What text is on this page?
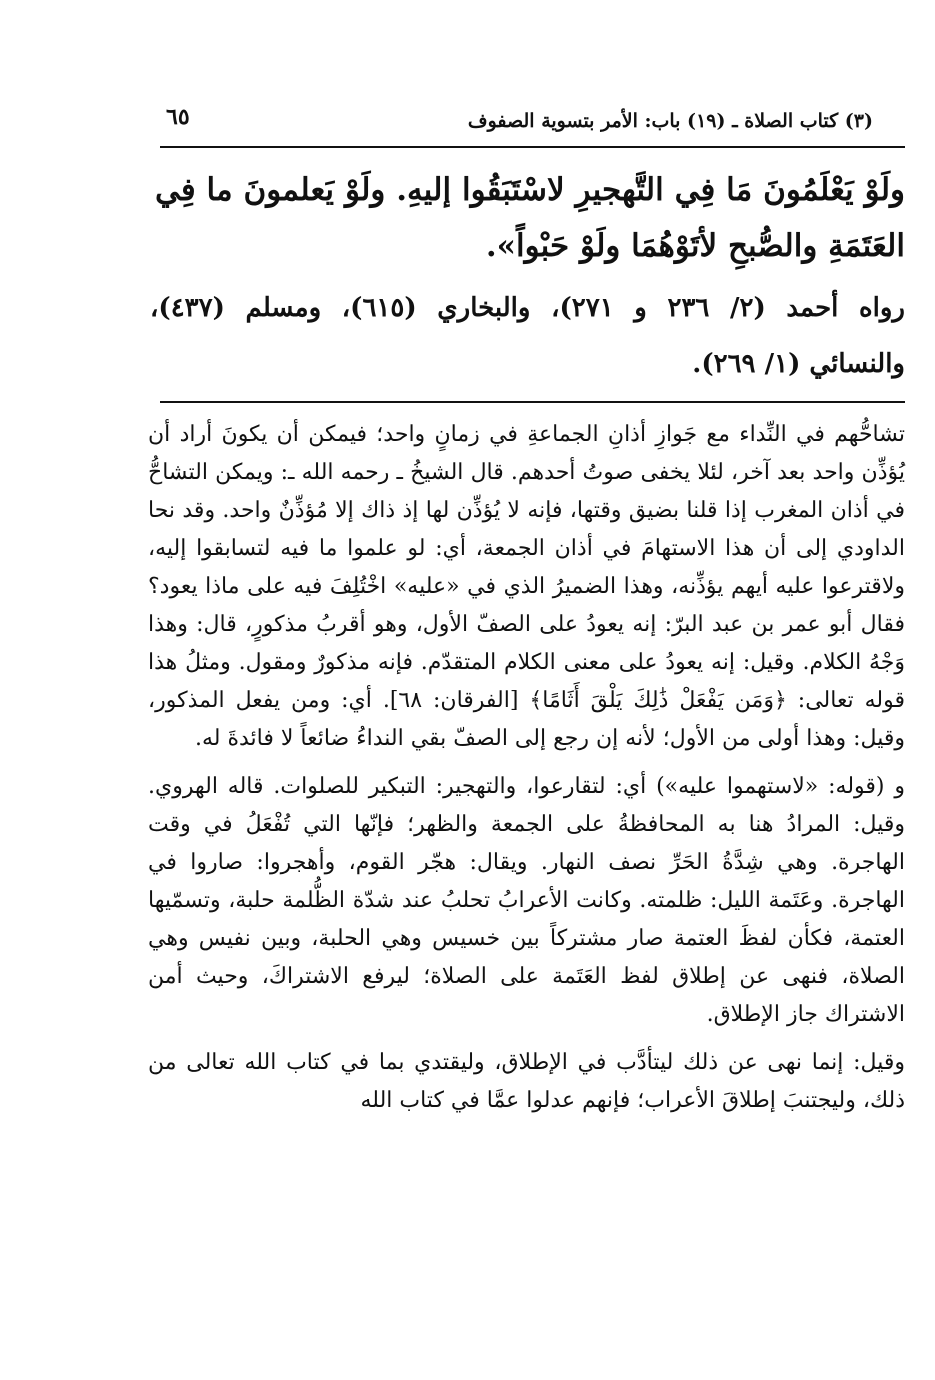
(٣) كتاب الصلاة ـ (١٩) باب: الأمر بتسوية الصفوف
٦٥

ولَوْ يَعْلَمُونَ مَا فِي التَّهجيرِ لاسْتَبَقُوا إليهِ. ولَوْ يَعلمونَ ما فِي العَتَمَةِ والصُّبحِ لأتَوْهُمَا ولَوْ حَبْواً».

رواه أحمد (٢/ ٢٣٦ و ٢٧١)، والبخاري (٦١٥)، ومسلم (٤٣٧)، والنسائي (١/ ٢٦٩).

تشاحُّهم في النِّداء مع جَوازِ أذانِ الجماعةِ في زمانٍ واحد؛ فيمكن أن يكونَ أراد أن يُؤذِّن واحد بعد آخر، لئلا يخفى صوتُ أحدهم. قال الشيخُ ـ رحمه الله ـ: ويمكن التشاحُّ في أذان المغرب إذا قلنا بضيق وقتها، فإنه لا يُؤذِّن لها إذ ذاك إلا مُؤذِّنٌ واحد. وقد نحا الداودي إلى أن هذا الاستهامَ في أذان الجمعة، أي: لو علموا ما فيه لتسابقوا إليه، ولاقترعوا عليه أيهم يؤذِّنه، وهذا الضميرُ الذي في «عليه» اخْتُلِفَ فيه على ماذا يعود؟ فقال أبو عمر بن عبد البرّ: إنه يعودُ على الصفّ الأول، وهو أقربُ مذكورٍ، قال: وهذا وَجْهُ الكلام. وقيل: إنه يعودُ على معنى الكلام المتقدّم. فإنه مذكورٌ ومقول. ومثلُ هذا قوله تعالى: ﴿وَمَن يَفْعَلْ ذَٰلِكَ يَلْقَ أَثَامًا﴾ [الفرقان: ٦٨]. أي: ومن يفعل المذكور، وقيل: وهذا أولى من الأول؛ لأنه إن رجع إلى الصفّ بقي النداءُ ضائعاً لا فائدةَ له.

و (قوله: «لاستهموا عليه») أي: لتقارعوا، والتهجير: التبكير للصلوات. قاله الهروي. وقيل: المرادُ هنا به المحافظةُ على الجمعة والظهر؛ فإنّها التي تُفْعَلُ في وقت الهاجرة. وهي شِدَّةُ الحَرِّ نصف النهار. ويقال: هجّر القوم، وأهجروا: صاروا في الهاجرة. وعَتَمة الليل: ظلمته. وكانت الأعرابُ تحلبُ عند شدّة الظُّلمة حلبة، وتسمّيها العتمة، فكأن لفظَ العتمة صار مشتركاً بين خسيس وهي الحلبة، وبين نفيس وهي الصلاة، فنهى عن إطلاق لفظ العَتَمة على الصلاة؛ ليرفع الاشتراكَ، وحيث أمن الاشتراك جاز الإطلاق.

وقيل: إنما نهى عن ذلك ليتأدَّب في الإطلاق، وليقتدي بما في كتاب الله تعالى من ذلك، وليجتنبَ إطلاقَ الأعراب؛ فإنهم عدلوا عمَّا في كتاب الله
